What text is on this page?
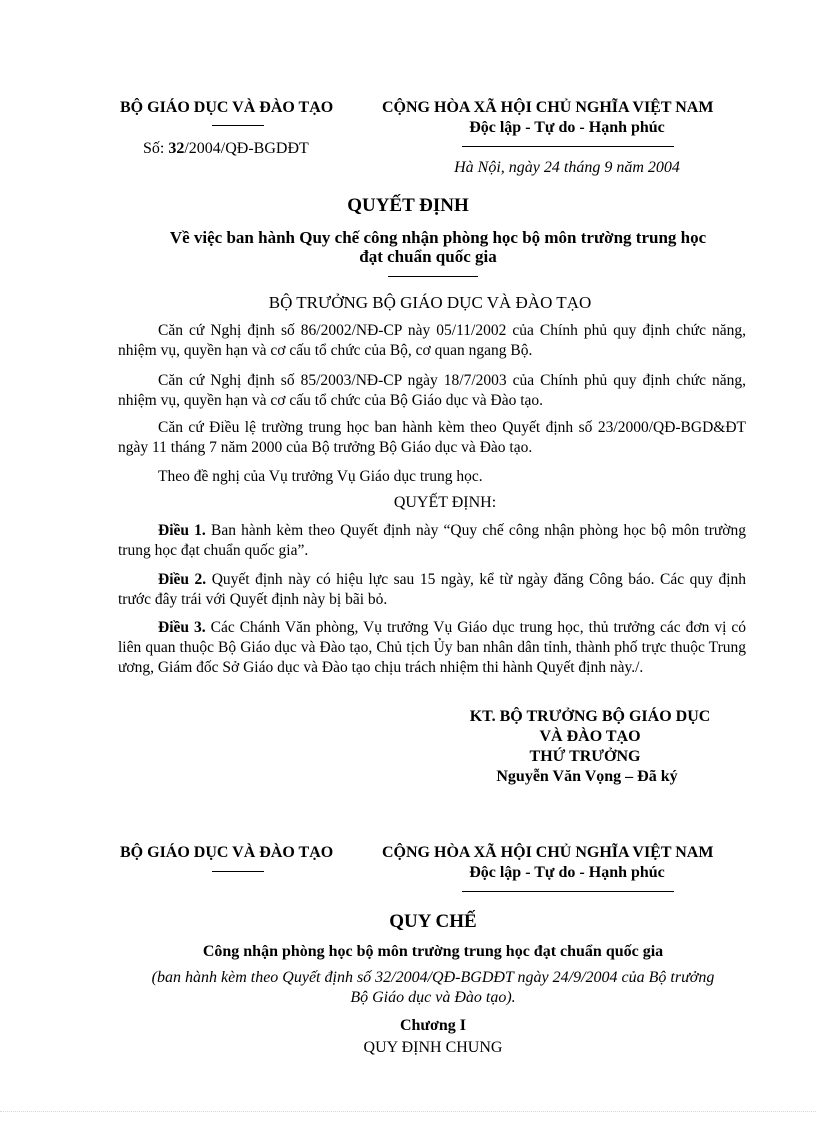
BỘ GIÁO DỤC VÀ ĐÀO TẠO
Số: 32/2004/QĐ-BGDĐT
CỘNG HÒA XÃ HỘI CHỦ NGHĨA VIỆT NAM
Độc lập - Tự do - Hạnh phúc
Hà Nội, ngày 24 tháng 9 năm 2004
QUYẾT ĐỊNH
Về việc ban hành Quy chế công nhận phòng học bộ môn trường trung học
đạt chuẩn quốc gia
BỘ TRƯỞNG BỘ GIÁO DỤC VÀ ĐÀO TẠO
Căn cứ Nghị định số 86/2002/NĐ-CP này 05/11/2002 của Chính phủ quy định chức năng, nhiệm vụ, quyền hạn và cơ cấu tổ chức của Bộ, cơ quan ngang Bộ.
Căn cứ Nghị định số 85/2003/NĐ-CP ngày 18/7/2003 của Chính phủ quy định chức năng, nhiệm vụ, quyền hạn và cơ cấu tổ chức của Bộ Giáo dục và Đào tạo.
Căn cứ Điều lệ trường trung học ban hành kèm theo Quyết định số 23/2000/QĐ-BGD&ĐT ngày 11 tháng 7 năm 2000 của Bộ trưởng Bộ Giáo dục và Đào tạo.
Theo đề nghị của Vụ trưởng Vụ Giáo dục trung học.
QUYẾT ĐỊNH:
Điều 1. Ban hành kèm theo Quyết định này “Quy chế công nhận phòng học bộ môn trường trung học đạt chuẩn quốc gia”.
Điều 2. Quyết định này có hiệu lực sau 15 ngày, kể từ ngày đăng Công báo. Các quy định trước đây trái với Quyết định này bị bãi bỏ.
Điều 3. Các Chánh Văn phòng, Vụ trưởng Vụ Giáo dục trung học, thủ trưởng các đơn vị có liên quan thuộc Bộ Giáo dục và Đào tạo, Chủ tịch Ủy ban nhân dân tỉnh, thành phố trực thuộc Trung ương, Giám đốc Sở Giáo dục và Đào tạo chịu trách nhiệm thi hành Quyết định này./.
KT. BỘ TRƯỞNG BỘ GIÁO DỤC
VÀ ĐÀO TẠO
THỨ TRƯỞNG
Nguyễn Văn Vọng – Đã ký
BỘ GIÁO DỤC VÀ ĐÀO TẠO	CỘNG HÒA XÃ HỘI CHỦ NGHĨA VIỆT NAM
Độc lập - Tự do - Hạnh phúc
QUY CHẾ
Công nhận phòng học bộ môn trường trung học đạt chuẩn quốc gia
(ban hành kèm theo Quyết định số 32/2004/QĐ-BGDĐT ngày 24/9/2004 của Bộ trưởng
Bộ Giáo dục và Đào tạo).
Chương I
QUY ĐỊNH CHUNG
